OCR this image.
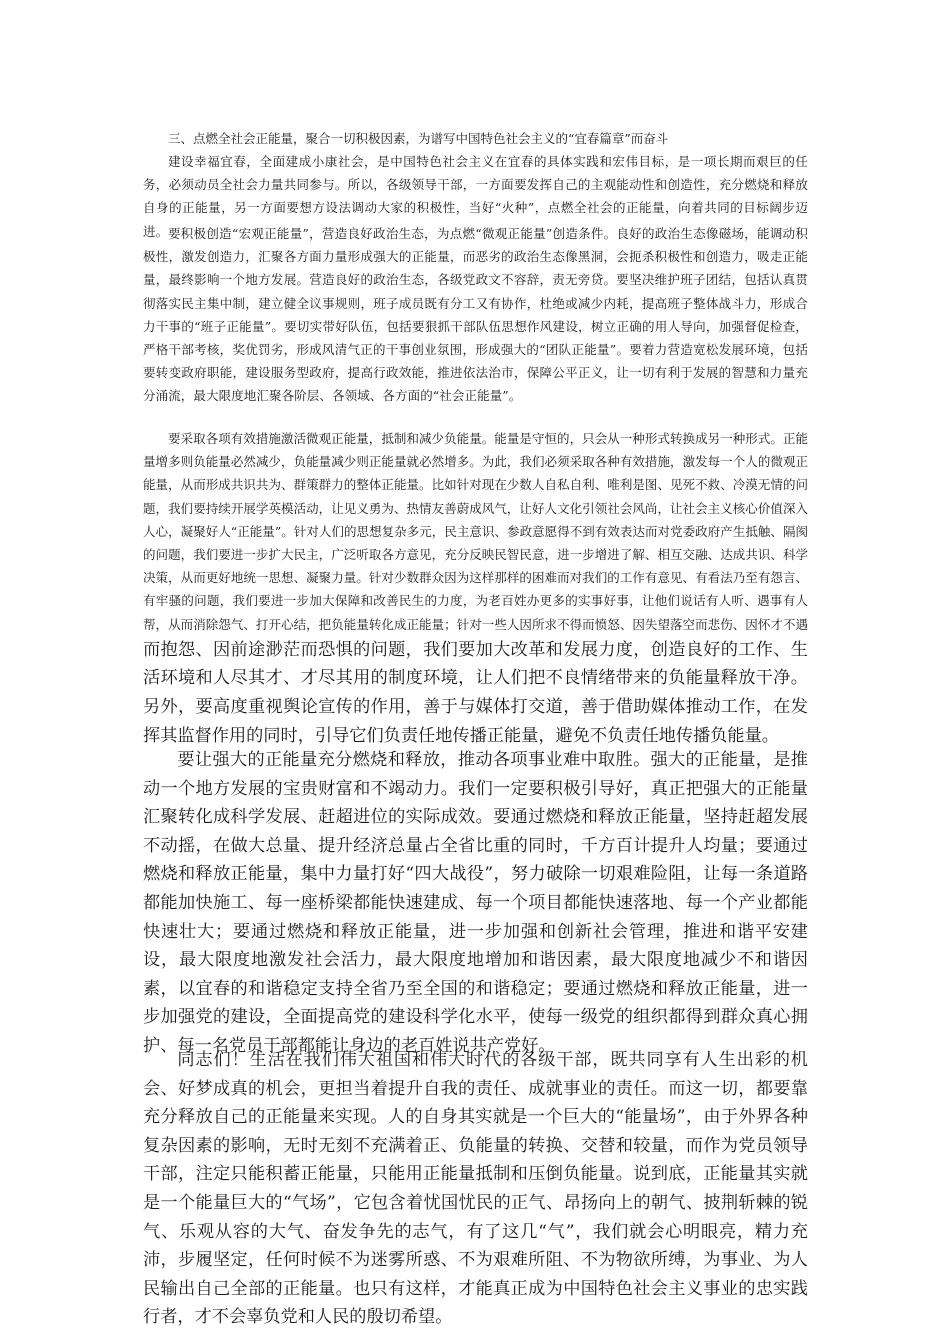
三、点燃全社会正能量，聚合一切积极因素，为谱写中国特色社会主义的“宜春篇章”而奋斗

建设幸福宜春，全面建成小康社会，是中国特色社会主义在宜春的具体实践和宏伟目标，是一项长期而艰巨的任务，必须动员全社会力量共同参与。所以，各级领导干部，一方面要发挥自己的主观能动性和创造性，充分燃烧和释放自身的正能量，另一方面要想方设法调动大家的积极性，当好“火种”，点燃全社会的正能量，向着共同的目标阔步迈进。 要积极创造“宏观正能量”，营造良好政治生态，为点燃“微观正能量”创造条件。良好的政治生态像磁场，能调动积极性，激发创造力，汇聚各方面力量形成强大的正能量，而恶劣的政治生态像黑洞，会扼杀积极性和创造力，吸走正能量，最终影响一个地方发展。营造良好的政治生态，各级党政文不容辞，责无旁贷。要坚决维护班子团结，包括认真贯彻落实民主集中制，建立健全议事规则，班子成员既有分工又有协作，杜绝或减少内耗，提高班子整体战斗力，形成合力干事的“班子正能量”。要切实带好队伍，包括要狠抓干部队伍思想作风建设，树立正确的用人导向，加强督促检查，严格干部考核，奖优罚劣，形成风清气正的干事创业氛围，形成强大的“团队正能量”。要着力营造宽松发展环境，包括要转变政府职能，建设服务型政府，提高行政效能，推进依法治市，保障公平正义，让一切有利于发展的智慧和力量充分涌流，最大限度地汇聚各阶层、各领域、各方面的“社会正能量”。

要采取各项有效措施激活微观正能量，抵制和减少负能量。能量是守恒的，只会从一种形式转换成另一种形式。正能量增多则负能量必然减少，负能量减少则正能量就必然增多。为此，我们必须采取各种有效措施，激发每一个人的微观正能量，从而形成共识共为、群策群力的整体正能量。比如针对现在少数人自私自利、唯利是图、见死不救、冷漠无情的问题，我们要持续开展学英模活动，让见义勇为、热情友善蔚成风气，让好人文化引领社会风尚，让社会主义核心价值深入人心，凝聚好人“正能量”。针对人们的思想复杂多元，民主意识、参政意愿得不到有效表达而对党委政府产生抵触、隔阂的问题，我们要进一步扩大民主，广泛听取各方意见，充分反映民智民意，进一步增进了解、相互交融、达成共识、科学决策，从而更好地统一思想、凝聚力量。针对少数群众因为这样那样的困难而对我们的工作有意见、有看法乃至有怨言、有牢骚的问题，我们要进一步加大保障和改善民生的力度，为老百姓办更多的实事好事，让他们说话有人听、遇事有人帮，从而消除怨气、打开心结，把负能量转化成正能量；针对一些人因所求不得而愤怒、因失望落空而悲伤、因怀才不遇而抱怨、因前途渺茫而恐惧的问题，我们要加大改革和发展力度，创造良好的工作、生活环境和人尽其才、才尽其用的制度环境，让人们把不良情绪带来的负能量释放干净。另外，要高度重视舆论宣传的作用，善于与媒体打交道，善于借助媒体推动工作，在发挥其监督作用的同时，引导它们负责任地传播正能量，避免不负责任地传播负能量。

要让强大的正能量充分燃烧和释放，推动各项事业难中取胜。强大的正能量，是推动一个地方发展的宝贵财富和不竭动力。我们一定要积极引导好，真正把强大的正能量汇聚转化成科学发展、赶超进位的实际成效。要通过燃烧和释放正能量，坚持赶超发展不动摇，在做大总量、提升经济总量占全省比重的同时，千方百计提升人均量；要通过燃烧和释放正能量，集中力量打好“四大战役”，努力破除一切艰难险阻，让每一条道路都能加快施工、每一座桥梁都能快速建成、每一个项目都能快速落地、每一个产业都能快速壮大；要通过燃烧和释放正能量，进一步加强和创新社会管理，推进和谐平安建设，最大限度地激发社会活力，最大限度地增加和谐因素，最大限度地减少不和谐因素，以宜春的和谐稳定支持全省乃至全国的和谐稳定；要通过燃烧和释放正能量，进一步加强党的建设，全面提高党的建设科学化水平，使每一级党的组织都得到群众真心拥护、每一名党员干部都能让身边的老百姓说共产党好。

同志们！生活在我们伟大祖国和伟大时代的各级干部，既共同享有人生出彩的机会、好梦成真的机会，更担当着提升自我的责任、成就事业的责任。而这一切，都要靠充分释放自己的正能量来实现。人的自身其实就是一个巨大的“能量场”，由于外界各种复杂因素的影响，无时无刻不充满着正、负能量的转换、交替和较量，而作为党员领导干部，注定只能积蓄正能量，只能用正能量抵制和压倒负能量。说到底，正能量其实就是一个能量巨大的“气场”，它包含着忧国忧民的正气、昂扬向上的朝气、披荆斩棘的锐气、乐观从容的大气、奋发争先的志气，有了这几“气”，我们就会心明眼亮，精力充沛，步履坚定，任何时候不为迷雾所惑、不为艰难所阻、不为物欲所缚，为事业、为人民输出自己全部的正能量。也只有这样，才能真正成为中国特色社会主义事业的忠实践行者，才不会辜负党和人民的殷切希望。
